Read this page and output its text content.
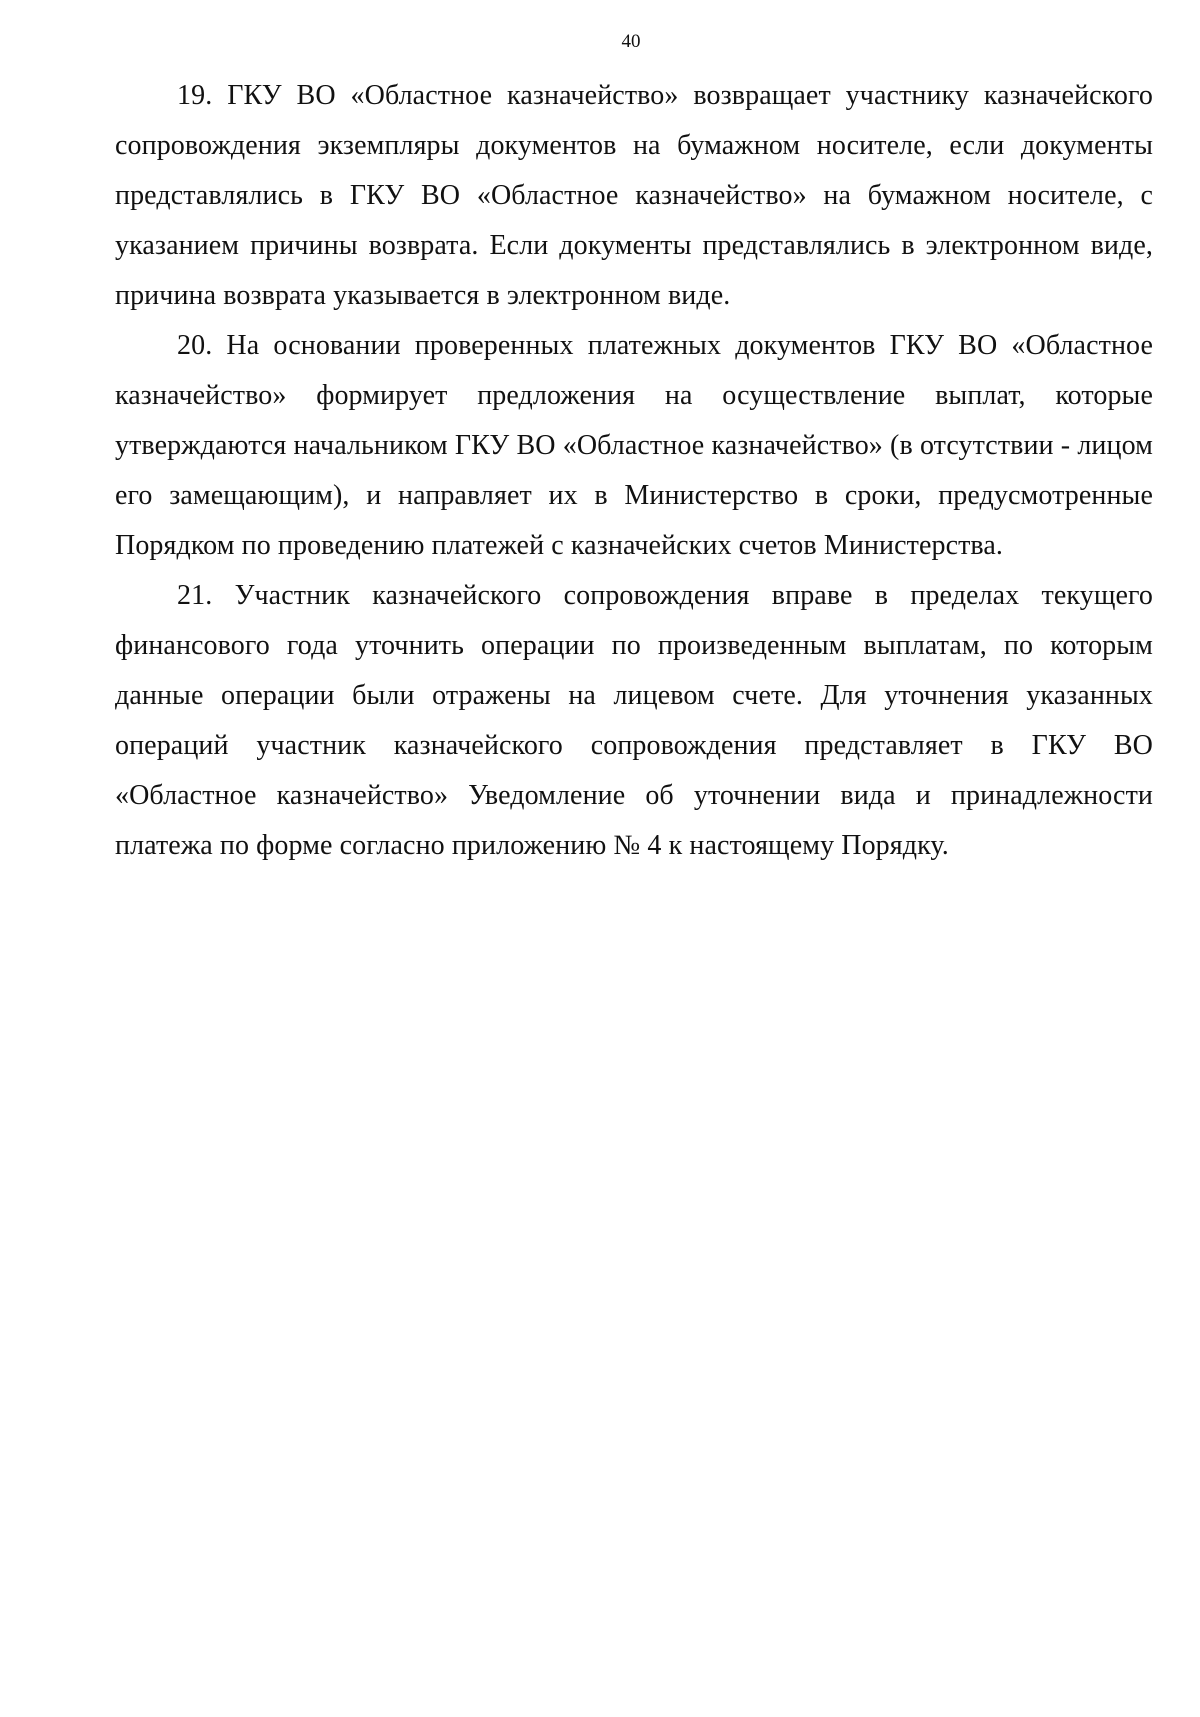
40

19. ГКУ ВО «Областное казначейство» возвращает участнику казначейского сопровождения экземпляры документов на бумажном носителе, если документы представлялись в ГКУ ВО «Областное казначейство» на бумажном носителе, с указанием причины возврата. Если документы представлялись в электронном виде, причина возврата указывается в электронном виде.

20. На основании проверенных платежных документов ГКУ ВО «Областное казначейство» формирует предложения на осуществление выплат, которые утверждаются начальником ГКУ ВО «Областное казначейство» (в отсутствии - лицом его замещающим), и направляет их в Министерство в сроки, предусмотренные Порядком по проведению платежей с казначейских счетов Министерства.

21. Участник казначейского сопровождения вправе в пределах текущего финансового года уточнить операции по произведенным выплатам, по которым данные операции были отражены на лицевом счете. Для уточнения указанных операций участник казначейского сопровождения представляет в ГКУ ВО «Областное казначейство» Уведомление об уточнении вида и принадлежности платежа по форме согласно приложению № 4 к настоящему Порядку.
